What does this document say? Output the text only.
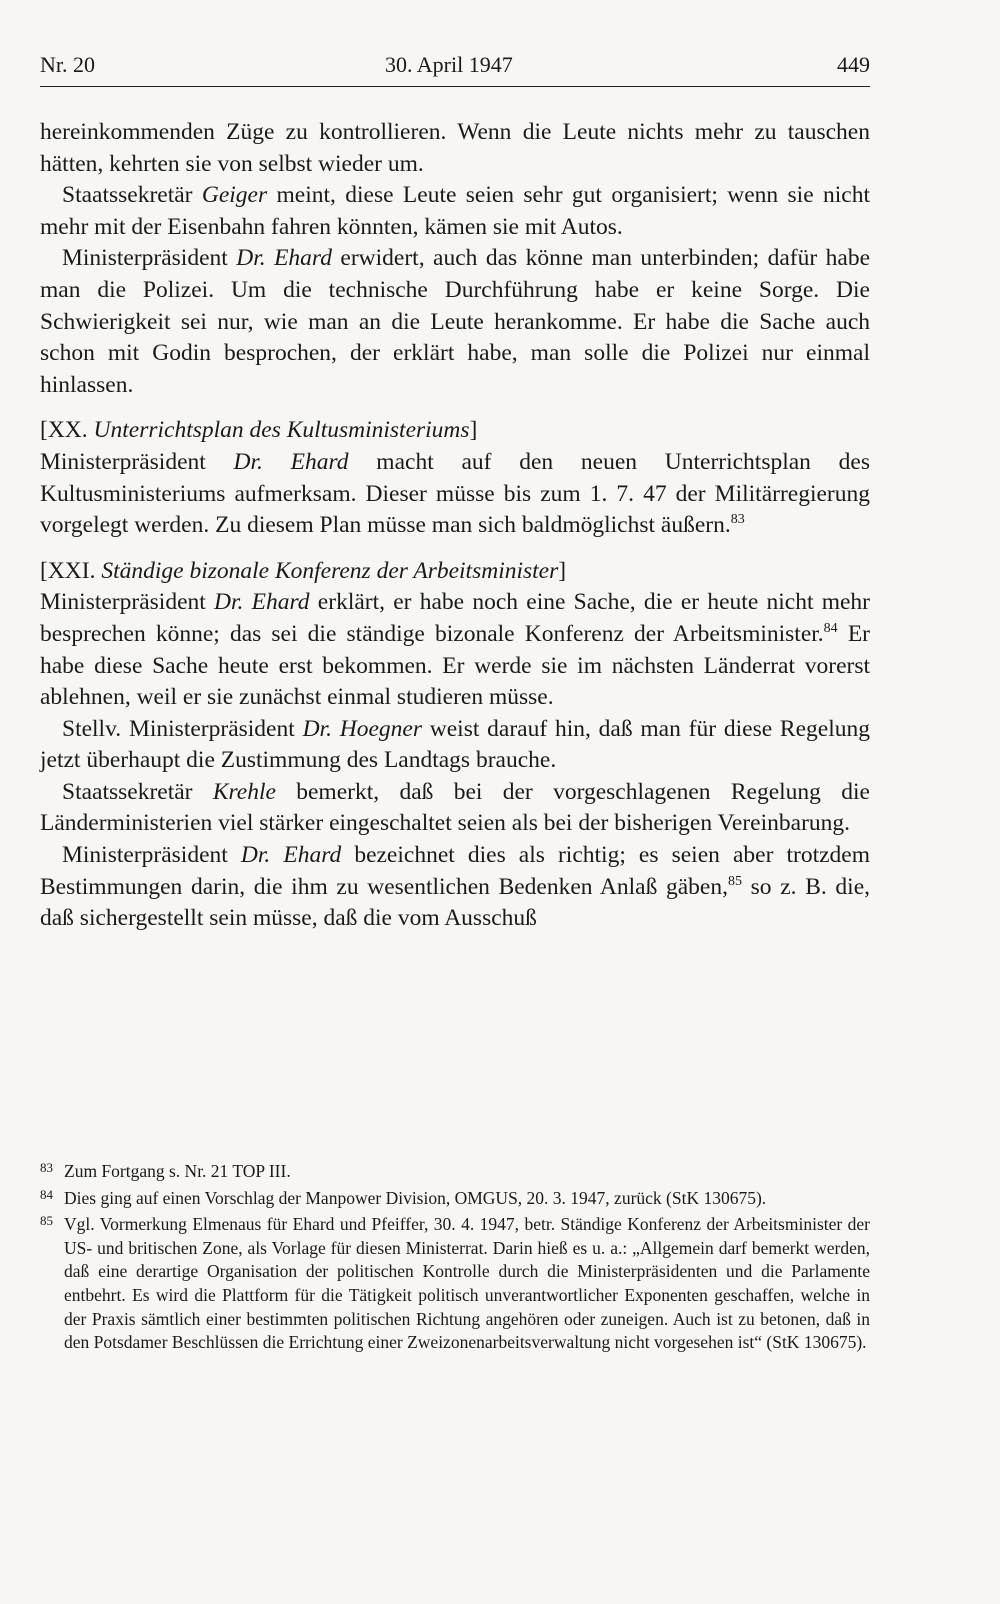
Nr. 20	30. April 1947	449

hereinkommenden Züge zu kontrollieren. Wenn die Leute nichts mehr zu tauschen hätten, kehrten sie von selbst wieder um.

Staatssekretär Geiger meint, diese Leute seien sehr gut organisiert; wenn sie nicht mehr mit der Eisenbahn fahren könnten, kämen sie mit Autos.

Ministerpräsident Dr. Ehard erwidert, auch das könne man unterbinden; dafür habe man die Polizei. Um die technische Durchführung habe er keine Sorge. Die Schwierigkeit sei nur, wie man an die Leute herankomme. Er habe die Sache auch schon mit Godin besprochen, der erklärt habe, man solle die Polizei nur einmal hinlassen.

[XX. Unterrichtsplan des Kultusministeriums]

Ministerpräsident Dr. Ehard macht auf den neuen Unterrichtsplan des Kultusministeriums aufmerksam. Dieser müsse bis zum 1. 7. 47 der Militärregierung vorgelegt werden. Zu diesem Plan müsse man sich baldmöglichst äußern.$^{83}$

[XXI. Ständige bizonale Konferenz der Arbeitsminister]

Ministerpräsident Dr. Ehard erklärt, er habe noch eine Sache, die er heute nicht mehr besprechen könne; das sei die ständige bizonale Konferenz der Arbeitsminister.$^{84}$ Er habe diese Sache heute erst bekommen. Er werde sie im nächsten Länderrat vorerst ablehnen, weil er sie zunächst einmal studieren müsse.

Stellv. Ministerpräsident Dr. Hoegner weist darauf hin, daß man für diese Regelung jetzt überhaupt die Zustimmung des Landtags brauche.

Staatssekretär Krehle bemerkt, daß bei der vorgeschlagenen Regelung die Länderministerien viel stärker eingeschaltet seien als bei der bisherigen Vereinbarung.

Ministerpräsident Dr. Ehard bezeichnet dies als richtig; es seien aber trotzdem Bestimmungen darin, die ihm zu wesentlichen Bedenken Anlaß gäben,$^{85}$ so z. B. die, daß sichergestellt sein müsse, daß die vom Ausschuß

83 Zum Fortgang s. Nr. 21 TOP III.
84 Dies ging auf einen Vorschlag der Manpower Division, OMGUS, 20. 3. 1947, zurück (StK 130675).
85 Vgl. Vormerkung Elmenaus für Ehard und Pfeiffer, 30. 4. 1947, betr. Ständige Konferenz der Arbeitsminister der US- und britischen Zone, als Vorlage für diesen Ministerrat. Darin hieß es u. a.: „Allgemein darf bemerkt werden, daß eine derartige Organisation der politischen Kontrolle durch die Ministerpräsidenten und die Parlamente entbehrt. Es wird die Plattform für die Tätigkeit politisch unverantwortlicher Exponenten geschaffen, welche in der Praxis sämtlich einer bestimmten politischen Richtung angehören oder zuneigen. Auch ist zu betonen, daß in den Potsdamer Beschlüssen die Errichtung einer Zweizonenarbeitsverwaltung nicht vorgesehen ist“ (StK 130675).
